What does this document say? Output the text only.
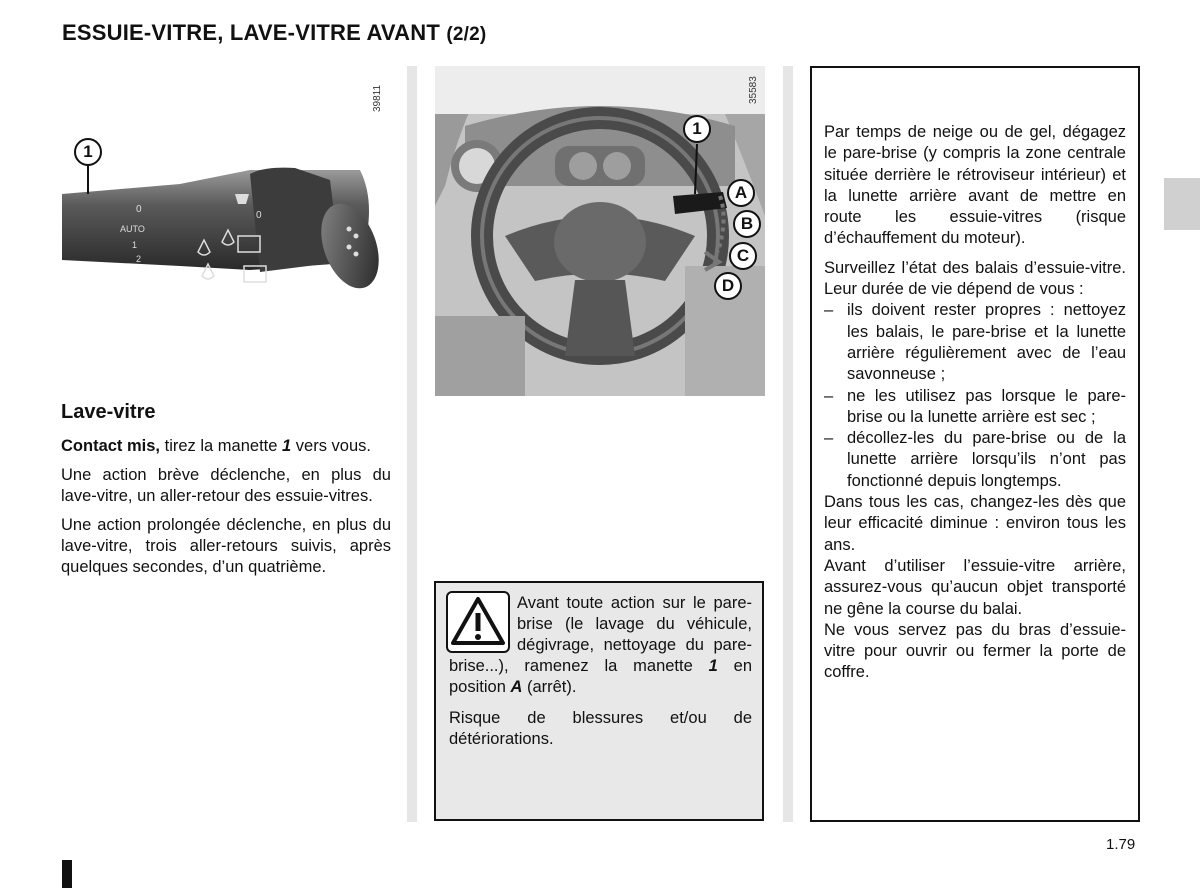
ESSUIE-VITRE, LAVE-VITRE AVANT (2/2)
AUTO
1
2
0
0
1
39811
1
A
B
C
D
35583
Lave-vitre

Contact mis, tirez la manette 1 vers vous.

Une action brève déclenche, en plus du lave-vitre, un aller-retour des essuie-vitres.

Une action prolongée déclenche, en plus du lave-vitre, trois aller-retours suivis, après quelques secondes, d’un quatrième.

Avant toute action sur le pare-brise (le lavage du véhicule, dégivrage, nettoyage du pare-brise...), ramenez la manette 1 en position A (arrêt).

Risque de blessures et/ou de détériorations.

Par temps de neige ou de gel, dégagez le pare-brise (y compris la zone centrale située derrière le rétroviseur intérieur) et la lunette arrière avant de mettre en route les essuie-vitres (risque d’échauffement du moteur).

Surveillez l’état des balais d’essuie-vitre. Leur durée de vie dépend de vous :

– ils doivent rester propres : nettoyez les balais, le pare-brise et la lunette arrière régulièrement avec de l’eau savonneuse ;
– ne les utilisez pas lorsque le pare-brise ou la lunette arrière est sec ;
– décollez-les du pare-brise ou de la lunette arrière lorsqu’ils n’ont pas fonctionné depuis longtemps.

Dans tous les cas, changez-les dès que leur efficacité diminue : environ tous les ans.

Avant d’utiliser l’essuie-vitre arrière, assurez-vous qu’aucun objet transporté ne gêne la course du balai.

Ne vous servez pas du bras d’essuie-vitre pour ouvrir ou fermer la porte de coffre.

1.79
